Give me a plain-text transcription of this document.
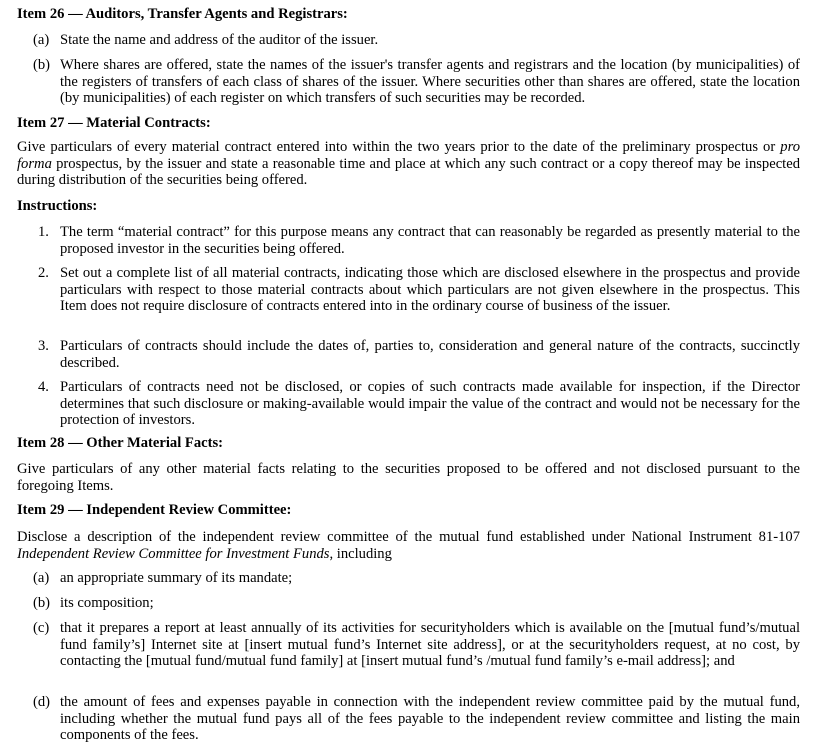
Item 26 — Auditors, Transfer Agents and Registrars:
(a) State the name and address of the auditor of the issuer.
(b) Where shares are offered, state the names of the issuer's transfer agents and registrars and the location (by municipalities) of the registers of transfers of each class of shares of the issuer. Where securities other than shares are offered, state the location (by municipalities) of each register on which transfers of such securities may be recorded.
Item 27 — Material Contracts:
Give particulars of every material contract entered into within the two years prior to the date of the preliminary prospectus or pro forma prospectus, by the issuer and state a reasonable time and place at which any such contract or a copy thereof may be inspected during distribution of the securities being offered.
Instructions:
1. The term “material contract” for this purpose means any contract that can reasonably be regarded as presently material to the proposed investor in the securities being offered.
2. Set out a complete list of all material contracts, indicating those which are disclosed elsewhere in the prospectus and provide particulars with respect to those material contracts about which particulars are not given elsewhere in the prospectus. This Item does not require disclosure of contracts entered into in the ordinary course of business of the issuer.
3. Particulars of contracts should include the dates of, parties to, consideration and general nature of the contracts, succinctly described.
4. Particulars of contracts need not be disclosed, or copies of such contracts made available for inspection, if the Director determines that such disclosure or making-available would impair the value of the contract and would not be necessary for the protection of investors.
Item 28 — Other Material Facts:
Give particulars of any other material facts relating to the securities proposed to be offered and not disclosed pursuant to the foregoing Items.
Item 29 — Independent Review Committee:
Disclose a description of the independent review committee of the mutual fund established under National Instrument 81-107 Independent Review Committee for Investment Funds, including
(a) an appropriate summary of its mandate;
(b) its composition;
(c) that it prepares a report at least annually of its activities for securityholders which is available on the [mutual fund’s/mutual fund family’s] Internet site at [insert mutual fund’s Internet site address], or at the securityholders request, at no cost, by contacting the [mutual fund/mutual fund family] at [insert mutual fund’s /mutual fund family’s e-mail address]; and
(d) the amount of fees and expenses payable in connection with the independent review committee paid by the mutual fund, including whether the mutual fund pays all of the fees payable to the independent review committee and listing the main components of the fees.
